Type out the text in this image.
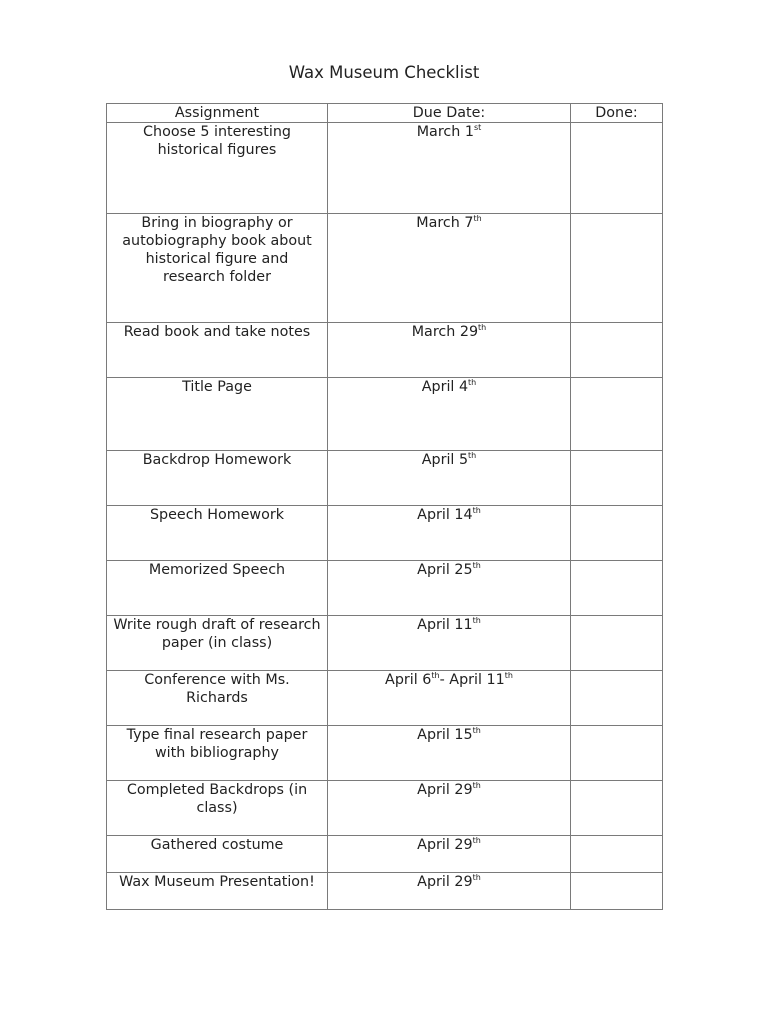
Wax Museum Checklist
Assignment	Due Date:	Done:
Choose 5 interesting historical figures	March 1st	
Bring in biography or autobiography book about historical figure and research folder	March 7th	
Read book and take notes	March 29th	
Title Page	April 4th	
Backdrop Homework	April 5th	
Speech Homework	April 14th	
Memorized Speech	April 25th	
Write rough draft of research paper (in class)	April 11th	
Conference with Ms. Richards	April 6th- April 11th	
Type final research paper with bibliography	April 15th	
Completed Backdrops (in class)	April 29th	
Gathered costume	April 29th	
Wax Museum Presentation!	April 29th	
